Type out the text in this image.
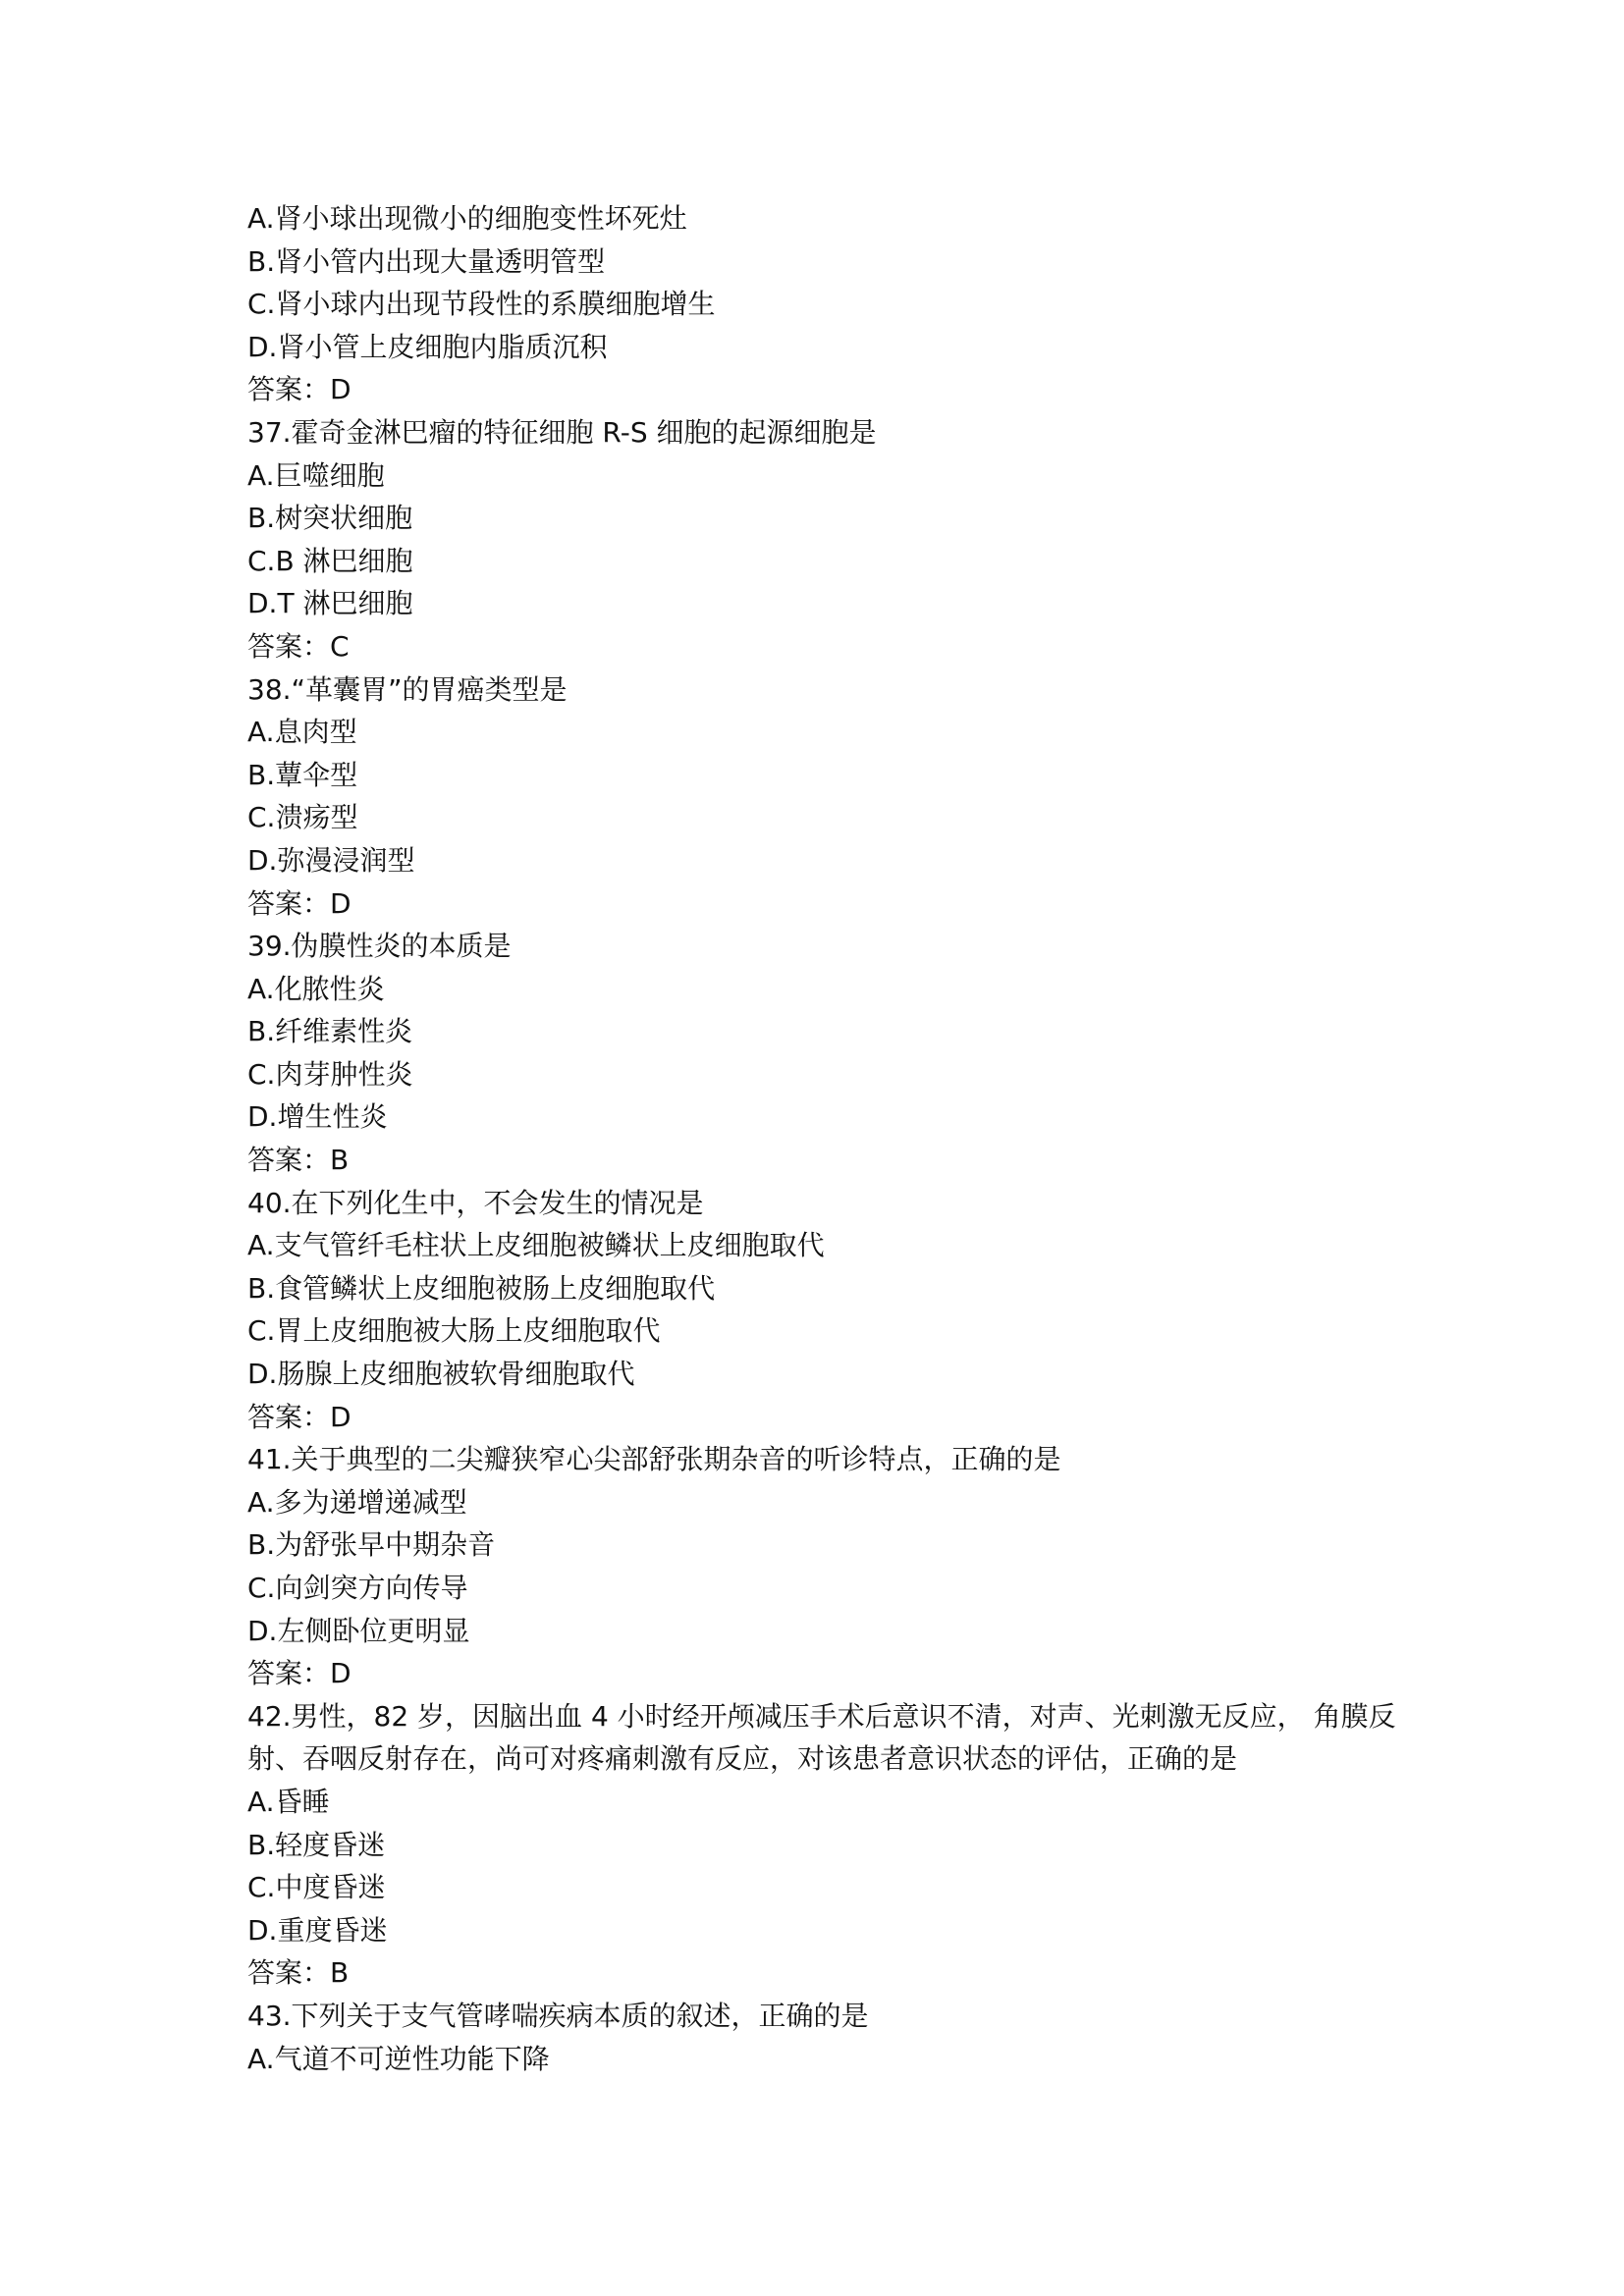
A.肾小球出现微小的细胞变性坏死灶

B.肾小管内出现大量透明管型

C.肾小球内出现节段性的系膜细胞增生

D.肾小管上皮细胞内脂质沉积

答案：D

37.霍奇金淋巴瘤的特征细胞 R-S 细胞的起源细胞是

A.巨噬细胞

B.树突状细胞

C.B 淋巴细胞

D.T 淋巴细胞

答案：C

38.“革囊胃”的胃癌类型是

A.息肉型

B.蕈伞型

C.溃疡型

D.弥漫浸润型

答案：D

39.伪膜性炎的本质是

A.化脓性炎

B.纤维素性炎

C.肉芽肿性炎

D.增生性炎

答案：B

40.在下列化生中，不会发生的情况是

A.支气管纤毛柱状上皮细胞被鳞状上皮细胞取代

B.食管鳞状上皮细胞被肠上皮细胞取代

C.胃上皮细胞被大肠上皮细胞取代

D.肠腺上皮细胞被软骨细胞取代

答案：D

41.关于典型的二尖瓣狭窄心尖部舒张期杂音的听诊特点，正确的是

A.多为递增递减型

B.为舒张早中期杂音

C.向剑突方向传导

D.左侧卧位更明显

答案：D

42.男性，82 岁，因脑出血 4 小时经开颅减压手术后意识不清，对声、光刺激无反应， 角膜反射、吞咽反射存在，尚可对疼痛刺激有反应，对该患者意识状态的评估，正确的是

A.昏睡

B.轻度昏迷

C.中度昏迷

D.重度昏迷

答案：B

43.下列关于支气管哮喘疾病本质的叙述，正确的是

A.气道不可逆性功能下降
